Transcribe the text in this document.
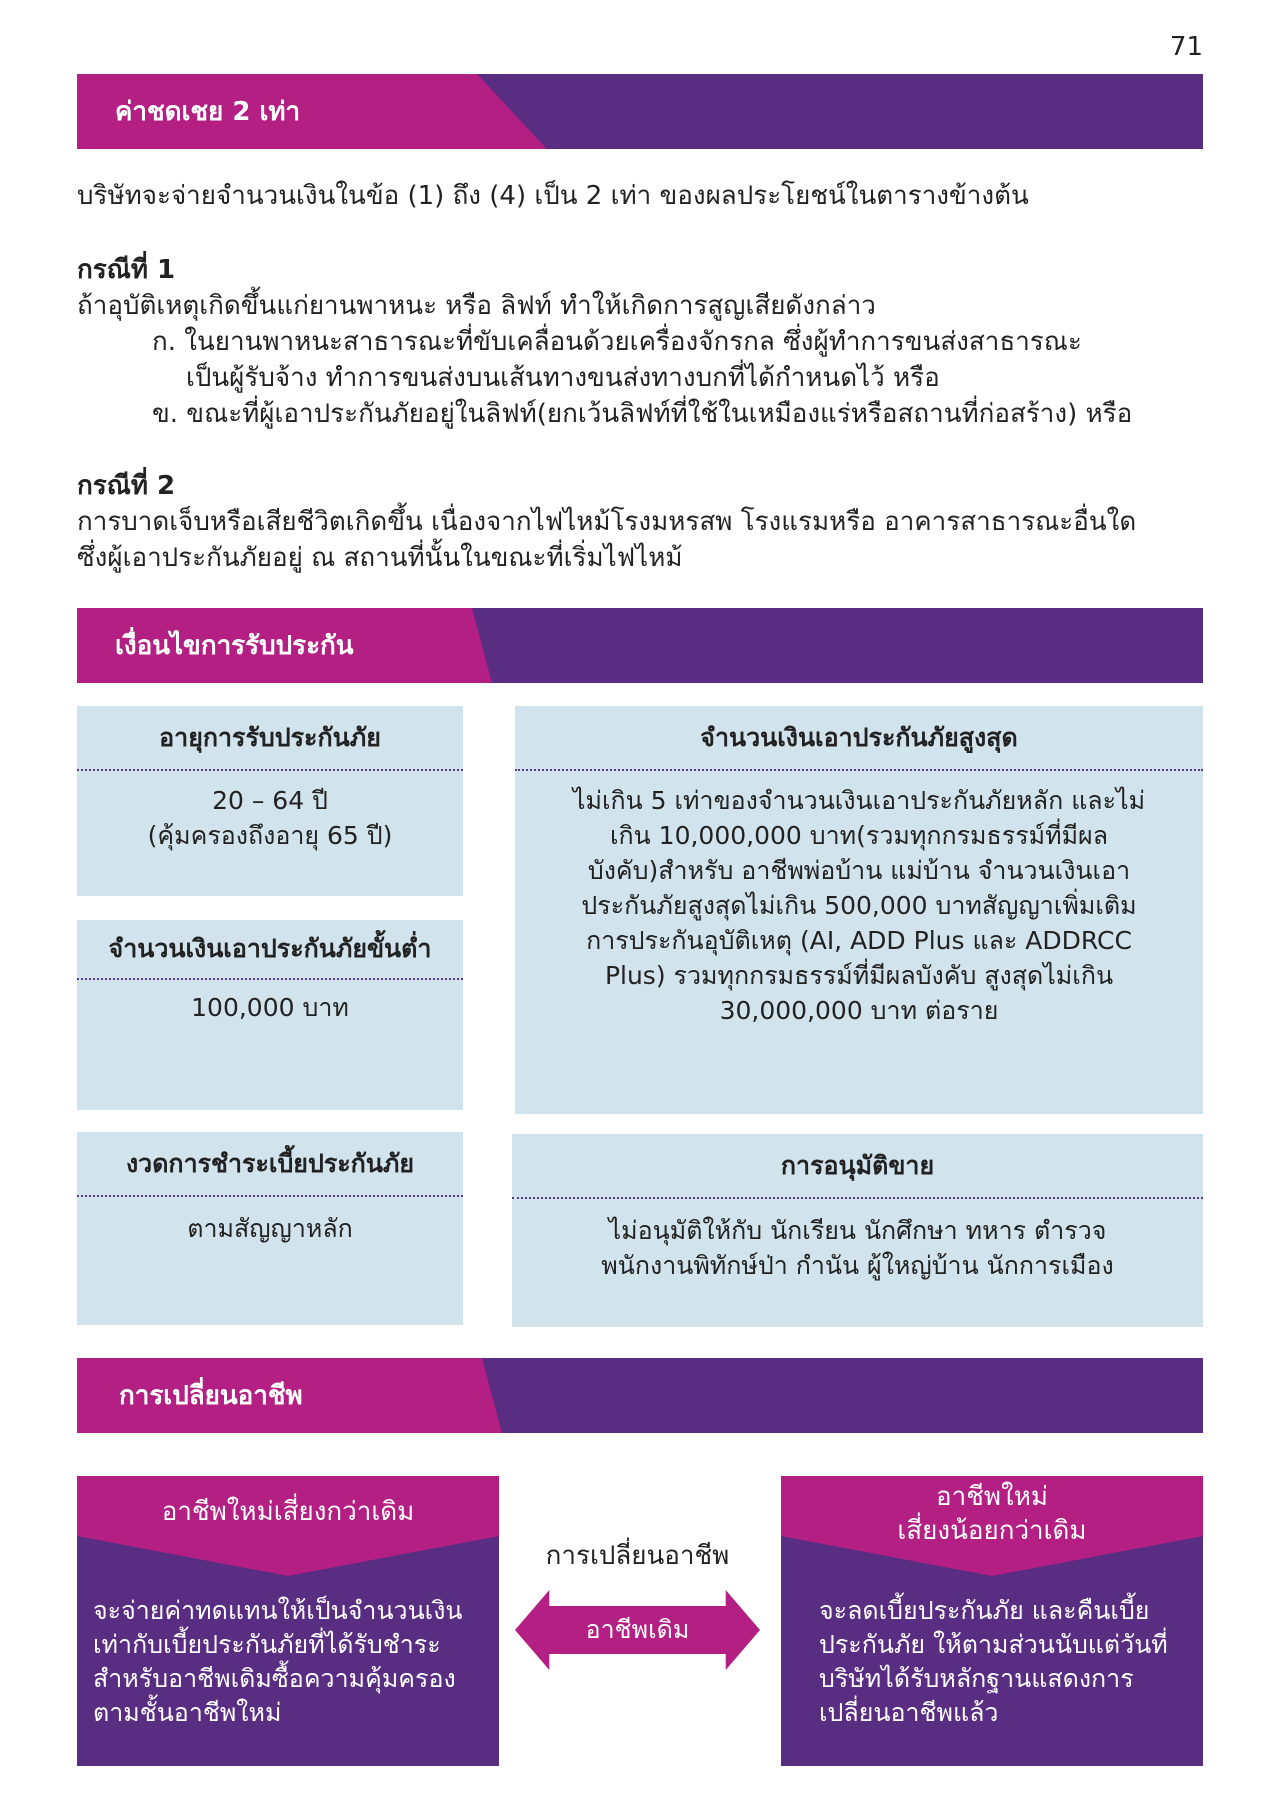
71
ค่าชดเชย 2 เท่า
บริษัทจะจ่ายจำนวนเงินในข้อ (1) ถึง (4) เป็น 2 เท่า ของผลประโยชน์ในตารางข้างต้น
กรณีที่ 1
ถ้าอุบัติเหตุเกิดขึ้นแก่ยานพาหนะ หรือ ลิฟท์ ทำให้เกิดการสูญเสียดังกล่าว
ก. ในยานพาหนะสาธารณะที่ขับเคลื่อนด้วยเครื่องจักรกล ซึ่งผู้ทำการขนส่งสาธารณะ
เป็นผู้รับจ้าง ทำการขนส่งบนเส้นทางขนส่งทางบกที่ได้กำหนดไว้ หรือ
ข. ขณะที่ผู้เอาประกันภัยอยู่ในลิฟท์(ยกเว้นลิฟท์ที่ใช้ในเหมืองแร่หรือสถานที่ก่อสร้าง) หรือ
กรณีที่ 2
การบาดเจ็บหรือเสียชีวิตเกิดขึ้น เนื่องจากไฟไหม้โรงมหรสพ โรงแรมหรือ อาคารสาธารณะอื่นใด
ซึ่งผู้เอาประกันภัยอยู่ ณ สถานที่นั้นในขณะที่เริ่มไฟไหม้
เงื่อนไขการรับประกัน
อายุการรับประกันภัย
20 – 64 ปี
(คุ้มครองถึงอายุ 65 ปี)
จำนวนเงินเอาประกันภัยขั้นต่ำ
100,000 บาท
จำนวนเงินเอาประกันภัยสูงสุด
ไม่เกิน 5 เท่าของจำนวนเงินเอาประกันภัยหลัก และไม่
เกิน 10,000,000 บาท(รวมทุกกรมธรรม์ที่มีผล
บังคับ)สำหรับ อาชีพพ่อบ้าน แม่บ้าน จำนวนเงินเอา
ประกันภัยสูงสุดไม่เกิน 500,000 บาทสัญญาเพิ่มเติม
การประกันอุบัติเหตุ (AI, ADD Plus และ ADDRCC
Plus) รวมทุกกรมธรรม์ที่มีผลบังคับ สูงสุดไม่เกิน
30,000,000 บาท ต่อราย
งวดการชำระเบี้ยประกันภัย
ตามสัญญาหลัก
การอนุมัติขาย
ไม่อนุมัติให้กับ นักเรียน นักศึกษา ทหาร ตำรวจ
พนักงานพิทักษ์ป่า กำนัน ผู้ใหญ่บ้าน นักการเมือง
การเปลี่ยนอาชีพ
อาชีพใหม่เสี่ยงกว่าเดิม
จะจ่ายค่าทดแทนให้เป็นจำนวนเงิน
เท่ากับเบี้ยประกันภัยที่ได้รับชำระ
สำหรับอาชีพเดิมซื้อความคุ้มครอง
ตามชั้นอาชีพใหม่
การเปลี่ยนอาชีพ
อาชีพเดิม
อาชีพใหม่
เสี่ยงน้อยกว่าเดิม
จะลดเบี้ยประกันภัย และคืนเบี้ย
ประกันภัย ให้ตามส่วนนับแต่วันที่
บริษัทได้รับหลักฐานแสดงการ
เปลี่ยนอาชีพแล้ว
